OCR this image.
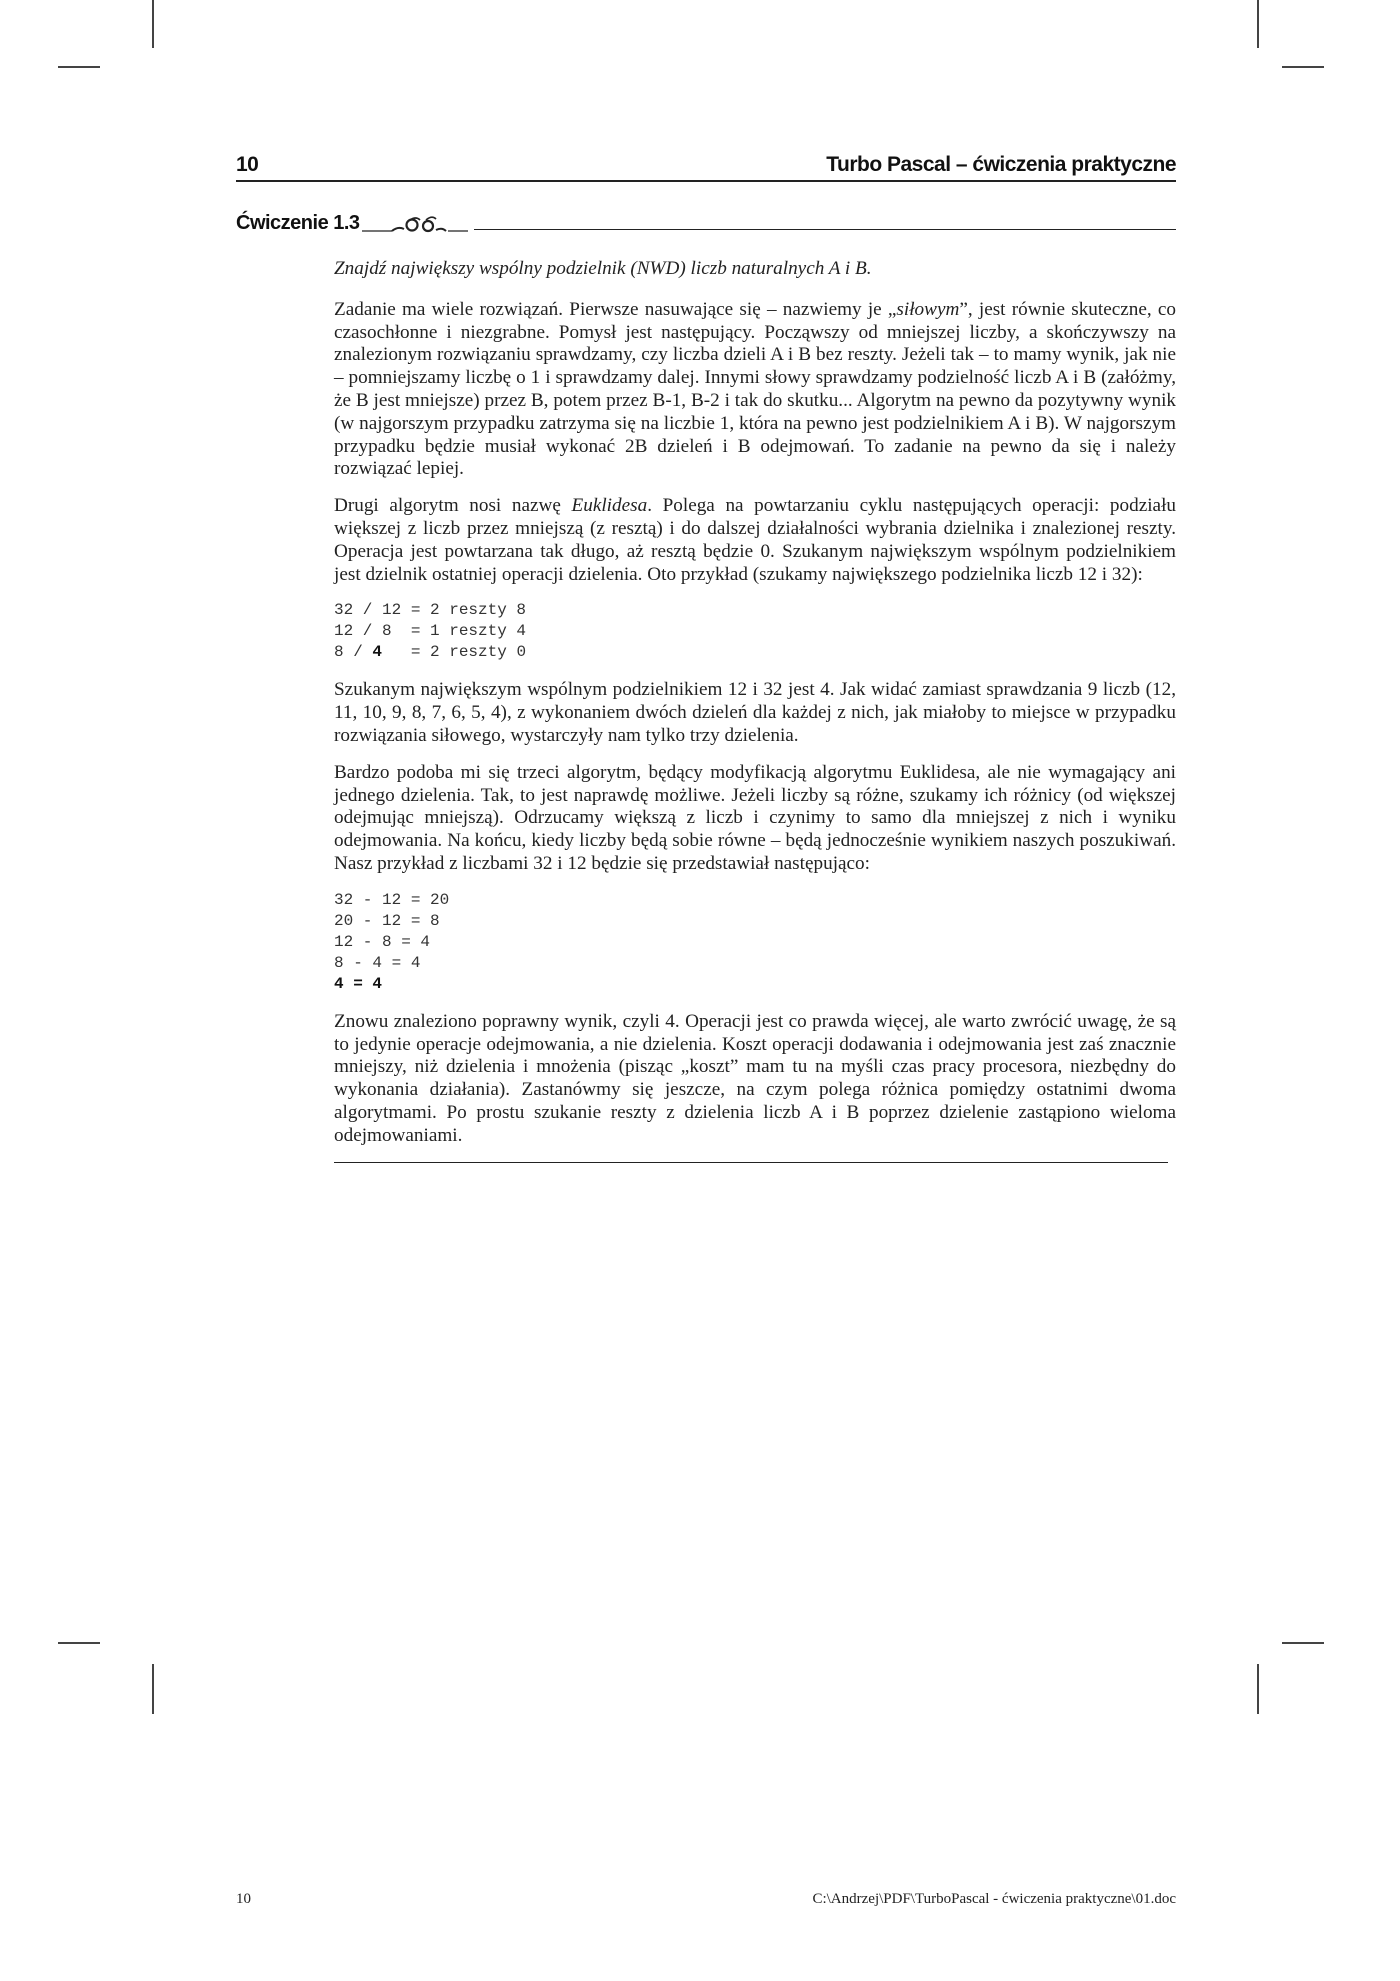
10	Turbo Pascal – ćwiczenia praktyczne
Ćwiczenie 1.3

Znajdź największy wspólny podzielnik (NWD) liczb naturalnych A i B.

Zadanie ma wiele rozwiązań. Pierwsze nasuwające się – nazwiemy je „siłowym”, jest równie skuteczne, co czasochłonne i niezgrabne. Pomysł jest następujący. Począwszy od mniejszej liczby, a skończywszy na znalezionym rozwiązaniu sprawdzamy, czy liczba dzieli A i B bez reszty. Jeżeli tak – to mamy wynik, jak nie – pomniejszamy liczbę o 1 i sprawdzamy dalej. Innymi słowy sprawdzamy podzielność liczb A i B (załóżmy, że B jest mniejsze) przez B, potem przez B-1, B-2 i tak do skutku... Algorytm na pewno da pozytywny wynik (w najgorszym przypadku zatrzyma się na liczbie 1, która na pewno jest podzielnikiem A i B). W najgorszym przypadku będzie musiał wykonać 2B dzieleń i B odejmowań. To zadanie na pewno da się i należy rozwiązać lepiej.

Drugi algorytm nosi nazwę Euklidesa. Polega na powtarzaniu cyklu następujących operacji: podziału większej z liczb przez mniejszą (z resztą) i do dalszej działalności wybrania dzielnika i znalezionej reszty. Operacja jest powtarzana tak długo, aż resztą będzie 0. Szukanym największym wspólnym podzielnikiem jest dzielnik ostatniej operacji dzielenia. Oto przykład (szukamy największego podzielnika liczb 12 i 32):

32 / 12 = 2 reszty 8
12 / 8  = 1 reszty 4
8 / 4   = 2 reszty 0

Szukanym największym wspólnym podzielnikiem 12 i 32 jest 4. Jak widać zamiast sprawdzania 9 liczb (12, 11, 10, 9, 8, 7, 6, 5, 4), z wykonaniem dwóch dzieleń dla każdej z nich, jak miałoby to miejsce w przypadku rozwiązania siłowego, wystarczyły nam tylko trzy dzielenia.

Bardzo podoba mi się trzeci algorytm, będący modyfikacją algorytmu Euklidesa, ale nie wymagający ani jednego dzielenia. Tak, to jest naprawdę możliwe. Jeżeli liczby są różne, szukamy ich różnicy (od większej odejmując mniejszą). Odrzucamy większą z liczb i czynimy to samo dla mniejszej z nich i wyniku odejmowania. Na końcu, kiedy liczby będą sobie równe – będą jednocześnie wynikiem naszych poszukiwań. Nasz przykład z liczbami 32 i 12 będzie się przedstawiał następująco:

32 - 12 = 20
20 - 12 = 8
12 - 8 = 4
8 - 4 = 4
4 = 4

Znowu znaleziono poprawny wynik, czyli 4. Operacji jest co prawda więcej, ale warto zwrócić uwagę, że są to jedynie operacje odejmowania, a nie dzielenia. Koszt operacji dodawania i odejmowania jest zaś znacznie mniejszy, niż dzielenia i mnożenia (pisząc „koszt” mam tu na myśli czas pracy procesora, niezbędny do wykonania działania). Zastanówmy się jeszcze, na czym polega różnica pomiędzy ostatnimi dwoma algorytmami. Po prostu szukanie reszty z dzielenia liczb A i B poprzez dzielenie zastąpiono wieloma odejmowaniami.

10	C:\Andrzej\PDF\TurboPascal - ćwiczenia praktyczne\01.doc
